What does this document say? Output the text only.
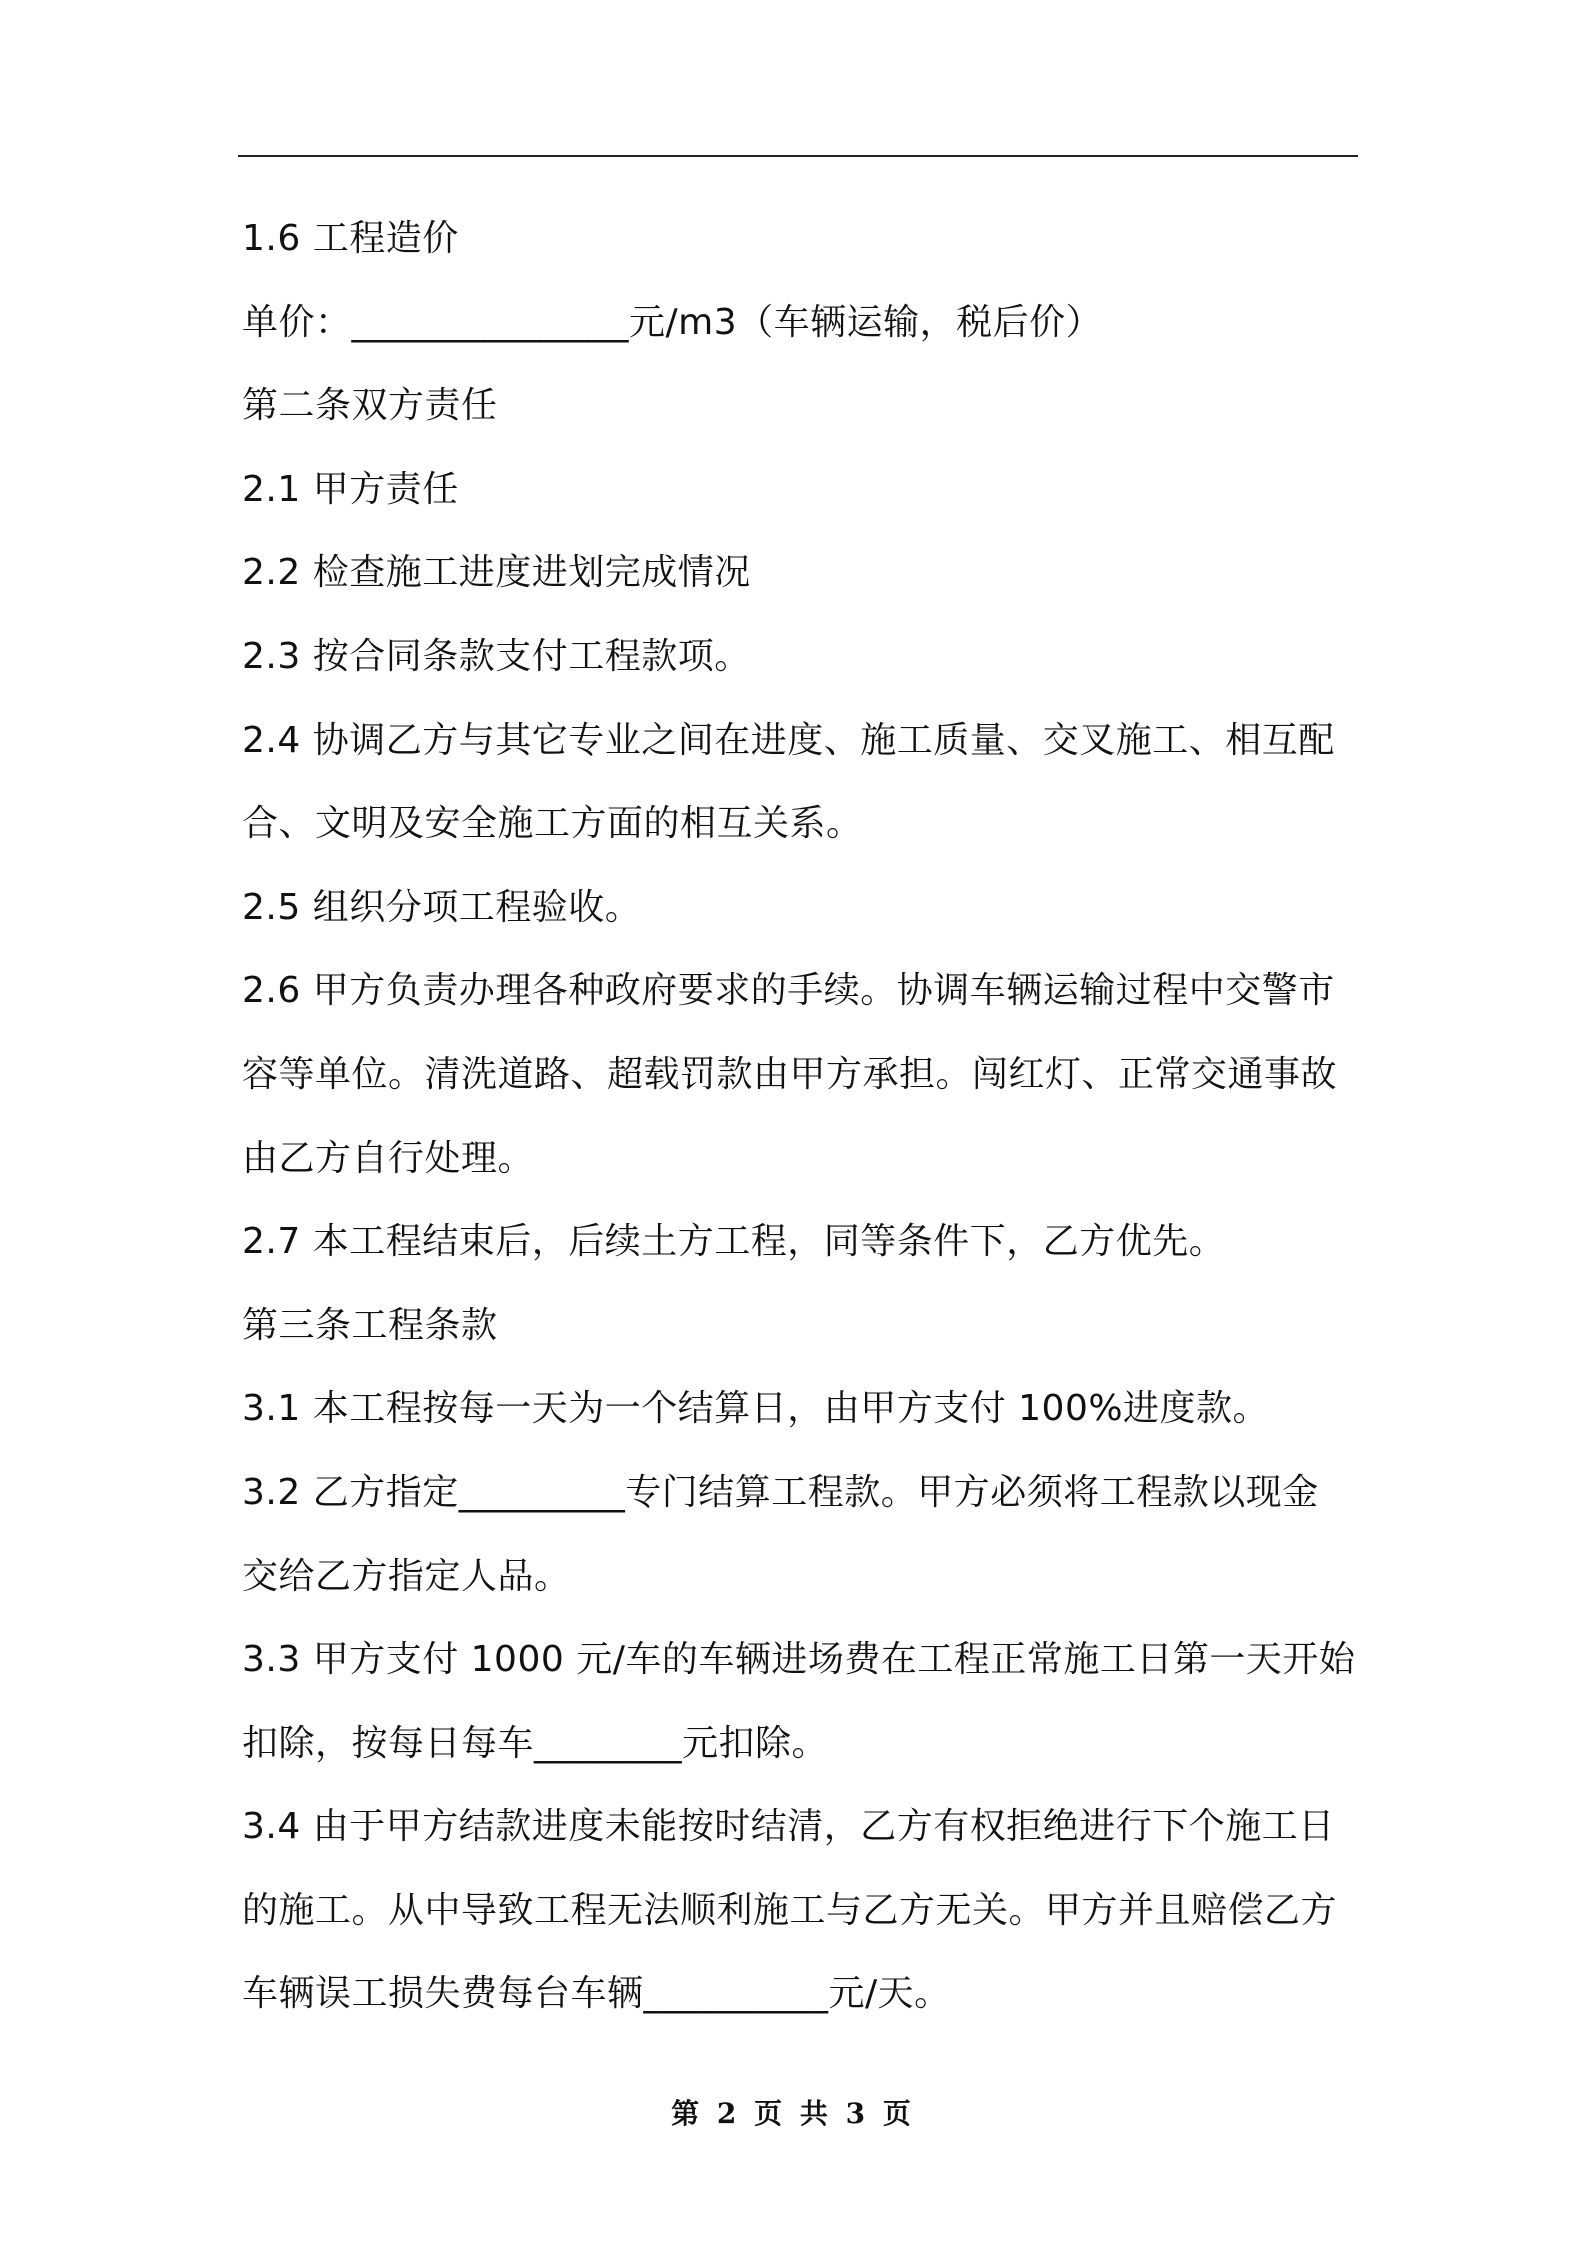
1.6 工程造价
单价：_______________元/m3（车辆运输，税后价）
第二条双方责任
2.1 甲方责任
2.2 检查施工进度进划完成情况
2.3 按合同条款支付工程款项。
2.4 协调乙方与其它专业之间在进度、施工质量、交叉施工、相互配
合、文明及安全施工方面的相互关系。
2.5 组织分项工程验收。
2.6 甲方负责办理各种政府要求的手续。协调车辆运输过程中交警市
容等单位。清洗道路、超载罚款由甲方承担。闯红灯、正常交通事故
由乙方自行处理。
2.7 本工程结束后，后续土方工程，同等条件下，乙方优先。
第三条工程条款
3.1 本工程按每一天为一个结算日，由甲方支付 100%进度款。
3.2 乙方指定_________专门结算工程款。甲方必须将工程款以现金
交给乙方指定人品。
3.3 甲方支付 1000 元/车的车辆进场费在工程正常施工日第一天开始
扣除，按每日每车________元扣除。
3.4 由于甲方结款进度未能按时结清，乙方有权拒绝进行下个施工日
的施工。从中导致工程无法顺利施工与乙方无关。甲方并且赔偿乙方
车辆误工损失费每台车辆__________元/天。
第 2 页 共 3 页
